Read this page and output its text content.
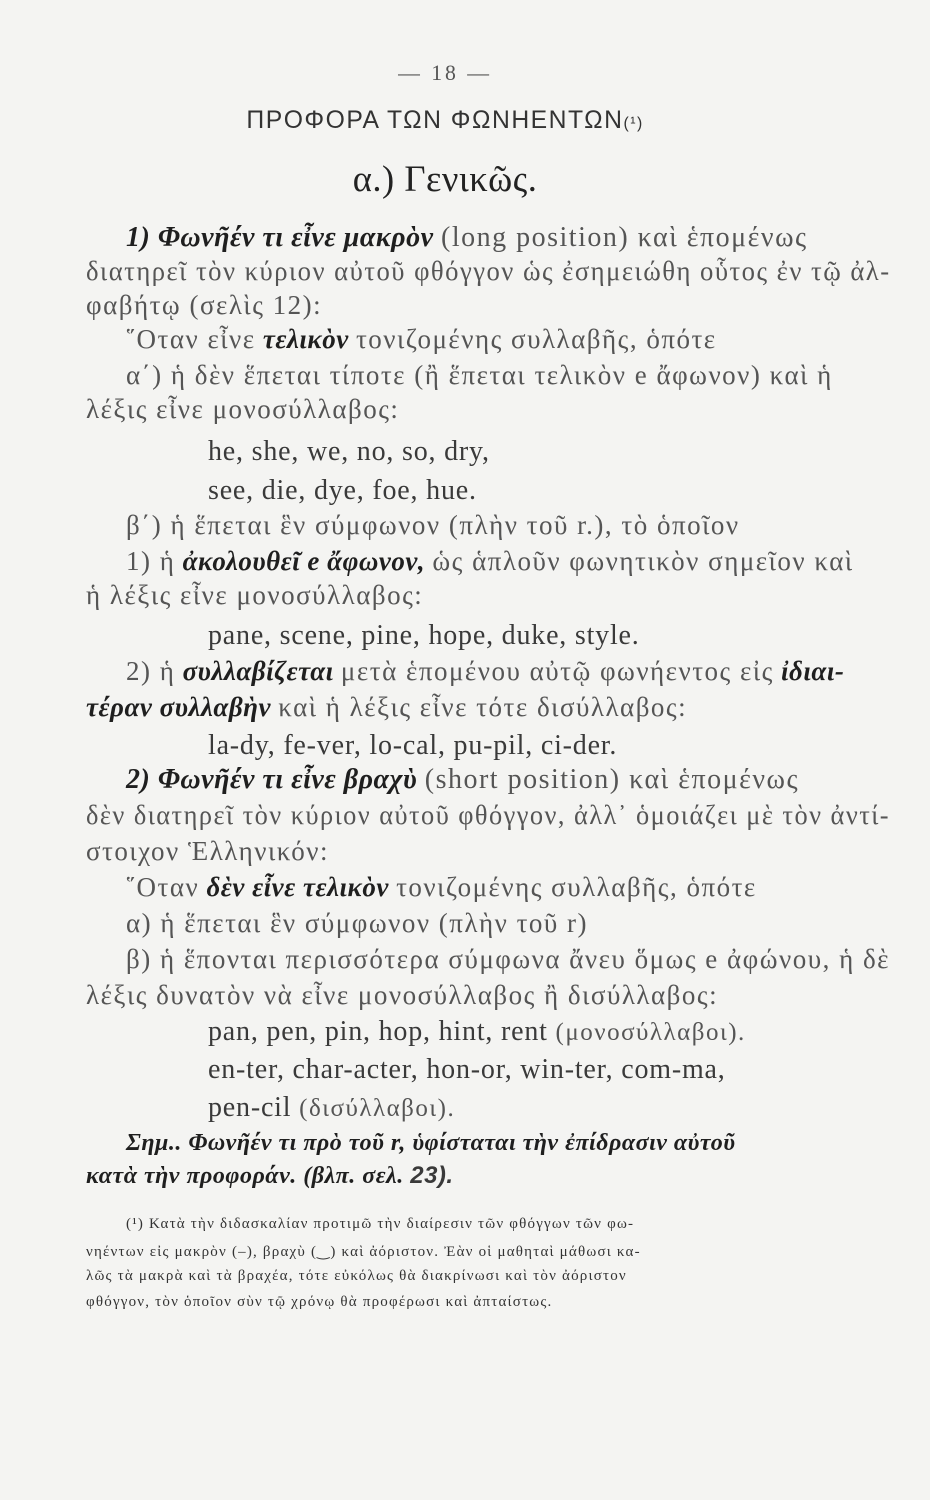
— 18 —
ΠΡΟΦΟΡΑ ΤΩΝ ΦΩΝΗΕΝΤΩΝ(¹)
α.) Γενικῶς.
1) Φωνῆέν τι εἶνε μακρὸν (long position) καὶ ἑπομένως
διατηρεῖ τὸν κύριον αὐτοῦ φθόγγον ὡς ἐσημειώθη οὗτος ἐν τῷ ἀλ-
φαβήτῳ (σελὶς 12):
῞Οταν εἶνε τελικὸν τονιζομένης συλλαβῆς, ὁπότε
α΄) ἡ δὲν ἕπεται τίποτε (ἢ ἕπεται τελικὸν e ἄφωνον) καὶ ἡ
λέξις εἶνε μονοσύλλαβος:
he, she, we, no, so, dry,
see, die, dye, foe, hue.
β΄) ἡ ἕπεται ἓν σύμφωνον (πλὴν τοῦ r.), τὸ ὁποῖον
1) ἡ ἀκολουθεῖ e ἄφωνον, ὡς ἁπλοῦν φωνητικὸν σημεῖον καὶ
ἡ λέξις εἶνε μονοσύλλαβος:
pane, scene, pine, hope, duke, style.
2) ἡ συλλαβίζεται μετὰ ἑπομένου αὐτῷ φωνήεντος εἰς ἰδιαι-
τέραν συλλαβὴν καὶ ἡ λέξις εἶνε τότε δισύλλαβος:
la-dy, fe-ver, lo-cal, pu-pil, ci-der.
2) Φωνῆέν τι εἶνε βραχὺ (short position) καὶ ἑπομένως
δὲν διατηρεῖ τὸν κύριον αὐτοῦ φθόγγον, ἀλλ᾽ ὁμοιάζει μὲ τὸν ἀντί-
στοιχον Ἑλληνικόν:
῞Οταν δὲν εἶνε τελικὸν τονιζομένης συλλαβῆς, ὁπότε
α) ἡ ἕπεται ἓν σύμφωνον (πλὴν τοῦ r)
β) ἡ ἕπονται περισσότερα σύμφωνα ἄνευ ὅμως e ἀφώνου, ἡ δὲ
λέξις δυνατὸν νὰ εἶνε μονοσύλλαβος ἢ δισύλλαβος:
pan, pen, pin, hop, hint, rent (μονοσύλλαβοι).
en-ter, char-acter, hon-or, win-ter, com-ma,
pen-cil (δισύλλαβοι).
Σημ.. Φωνῆέν τι πρὸ τοῦ r, ὑφίσταται τὴν ἐπίδρασιν αὐτοῦ
κατὰ τὴν προφοράν. (βλπ. σελ. 23).
(¹) Κατὰ τὴν διδασκαλίαν προτιμῶ τὴν διαίρεσιν τῶν φθόγγων τῶν φω-
νηέντων εἰς μακρὸν (–), βραχὺ (‿) καὶ ἀόριστον. Ἐὰν οἱ μαθηταὶ μάθωσι κα-
λῶς τὰ μακρὰ καὶ τὰ βραχέα, τότε εὐκόλως θὰ διακρίνωσι καὶ τὸν ἀόριστον
φθόγγον, τὸν ὁποῖον σὺν τῷ χρόνῳ θὰ προφέρωσι καὶ ἀπταίστως.
